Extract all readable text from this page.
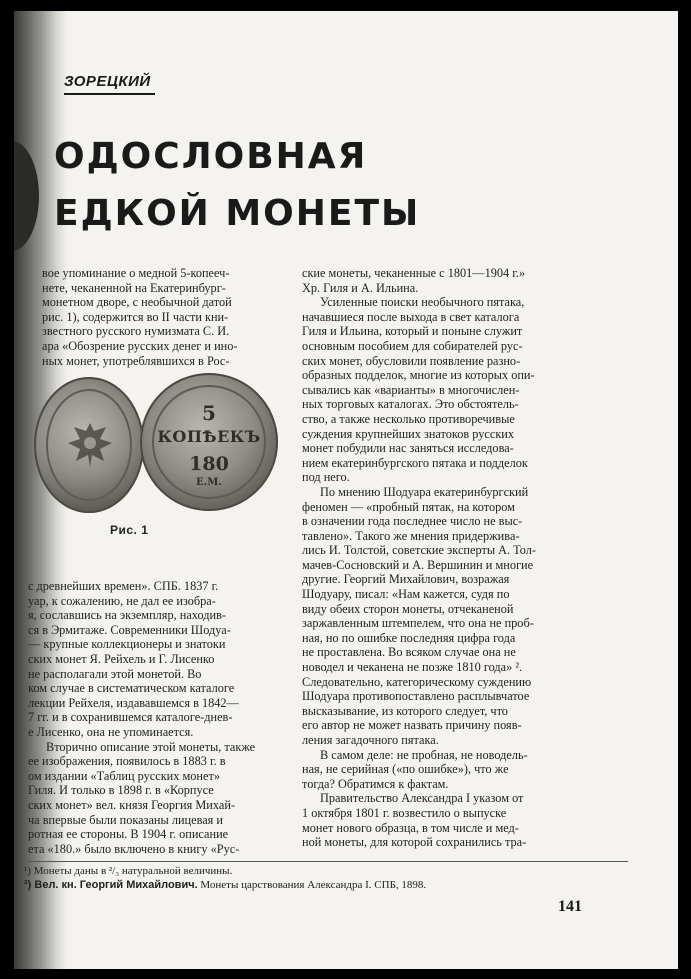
ЗОРЕЦКИЙ
ОДОСЛОВНАЯ
ЕДКОЙ МОНЕТЫ

вое упоминание о медной 5-копееч-

нете, чеканенной на Екатеринбург-

монетном дворе, с необычной датой

рис. 1), содержится во II части кни-

звестного русского нумизмата С. И.

ара «Обозрение русских денег и ино-

ных монет, употреблявшихся в Рос-

5
КОПѢЕКЪ
180
Е.М.
Рис. 1

с древнейших времен». СПБ. 1837 г.

уар, к сожалению, не дал ее изобра-

я, сославшись на экземпляр, находив-

ся в Эрмитаже. Современники Шодуа-

— крупные коллекционеры и знатоки

ских монет Я. Рейхель и Г. Лисенко

не располагали этой монетой. Во

ком случае в систематическом каталоге

лекции Рейхеля, издававшемся в 1842—

7 гг. и в сохранившемся каталоге-днев-

е Лисенко, она не упоминается.

Вторично описание этой монеты, также

ее изображения, появилось в 1883 г. в

ом издании «Таблиц русских монет»

Гиля. И только в 1898 г. в «Корпусе

ских монет» вел. князя Георгия Михай-

ча впервые были показаны лицевая и

ротная ее стороны. В 1904 г. описание

ета «180.» было включено в книгу «Рус-

ские монеты, чеканенные с 1801—1904 г.»

Хр. Гиля и А. Ильина.

Усиленные поиски необычного пятака,

начавшиеся после выхода в свет каталога

Гиля и Ильина, который и поныне служит

основным пособием для собирателей рус-

ских монет, обусловили появление разно-

образных подделок, многие из которых опи-

сывались как «варианты» в многочислен-

ных торговых каталогах. Это обстоятель-

ство, а также несколько противоречивые

суждения крупнейших знатоков русских

монет побудили нас заняться исследова-

нием екатеринбургского пятака и подделок

под него.

По мнению Шодуара екатеринбургский

феномен — «пробный пятак, на котором

в означении года последнее число не выс-

тавлено». Такого же мнения придерживa-

лись И. Толстой, советские эксперты А. Тол-

мачев-Сосновский и А. Вершинин и многие

другие. Георгий Михайлович, возражая

Шодуару, писал: «Нам кажется, судя по

виду обеих сторон монеты, отчеканеной

заржавленным штемпелем, что она не проб-

ная, но по ошибке последняя цифра года

не проставлена. Во всяком случае она не

новодел и чеканена не позже 1810 года» ².

Следовательно, категорическому суждению

Шодуара противопоставлено расплывчатое

высказывание, из которого следует, что

его автор не может назвать причину появ-

ления загадочного пятака.

В самом деле: не пробная, не новодель-

ная, не серийная («по ошибке»), что же

тогда? Обратимся к фактам.

Правительство Александра I указом от

1 октября 1801 г. возвестило о выпуске

монет нового образца, в том числе и мед-

ной монеты, для которой сохранились тра-

¹) Монеты даны в ²/₃ натуральной величины.
²) Вел. кн. Георгий Михайлович. Монеты царствования Александра I. СПБ, 1898.
141
